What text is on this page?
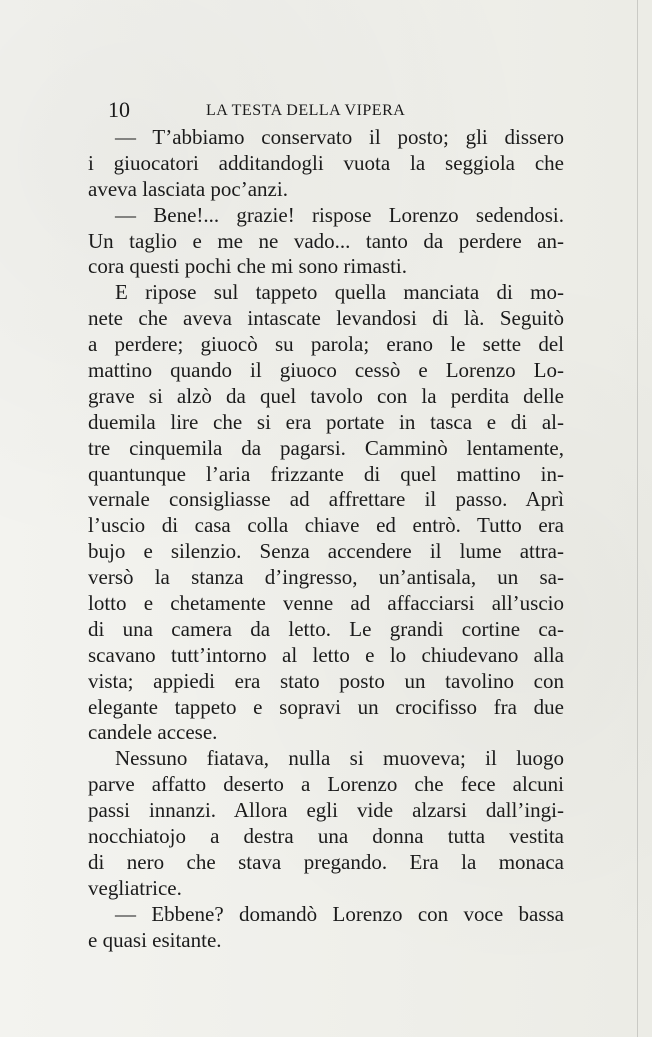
10	LA TESTA DELLA VIPERA
— T’abbiamo conservato il posto; gli dissero
i giuocatori additandogli vuota la seggiola che
aveva lasciata poc’anzi.
— Bene!... grazie! rispose Lorenzo sedendosi.
Un taglio e me ne vado... tanto da perdere an-
cora questi pochi che mi sono rimasti.
E ripose sul tappeto quella manciata di mo-
nete che aveva intascate levandosi di là. Seguitò
a perdere; giuocò su parola; erano le sette del
mattino quando il giuoco cessò e Lorenzo Lo-
grave si alzò da quel tavolo con la perdita delle
duemila lire che si era portate in tasca e di al-
tre cinquemila da pagarsi. Camminò lentamente,
quantunque l’aria frizzante di quel mattino in-
vernale consigliasse ad affrettare il passo. Aprì
l’uscio di casa colla chiave ed entrò. Tutto era
bujo e silenzio. Senza accendere il lume attra-
versò la stanza d’ingresso, un’antisala, un sa-
lotto e chetamente venne ad affacciarsi all’uscio
di una camera da letto. Le grandi cortine ca-
scavano tutt’intorno al letto e lo chiudevano alla
vista; appiedi era stato posto un tavolino con
elegante tappeto e sopravi un crocifisso fra due
candele accese.
Nessuno fiatava, nulla si muoveva; il luogo
parve affatto deserto a Lorenzo che fece alcuni
passi innanzi. Allora egli vide alzarsi dall’ingi-
nocchiatojo a destra una donna tutta vestita
di nero che stava pregando. Era la monaca
vegliatrice.
— Ebbene? domandò Lorenzo con voce bassa
e quasi esitante.
